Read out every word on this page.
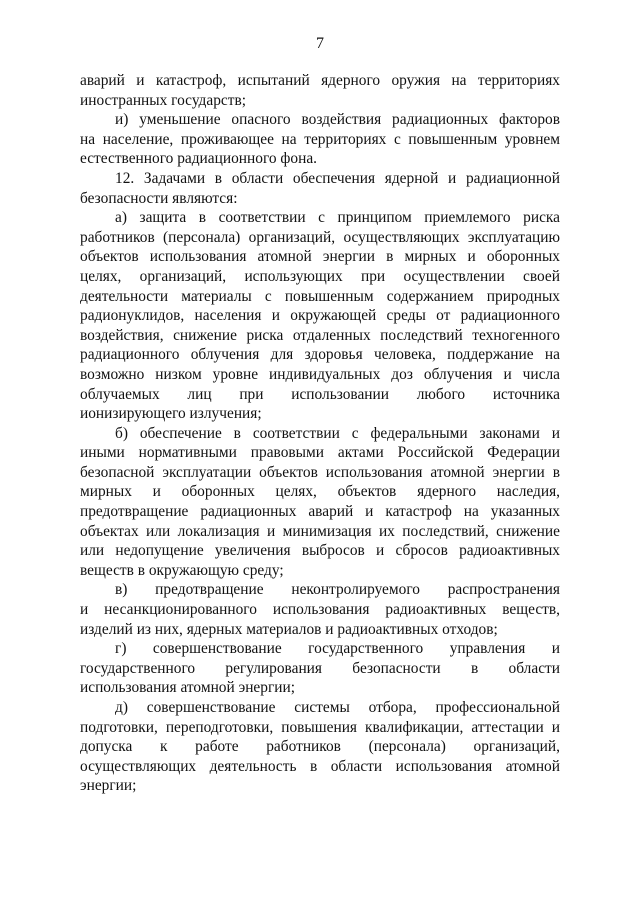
7

аварий и катастроф, испытаний ядерного оружия на территориях
иностранных государств;

и) уменьшение опасного воздействия радиационных факторов
на население, проживающее на территориях с повышенным уровнем
естественного радиационного фона.

12. Задачами в области обеспечения ядерной и радиационной
безопасности являются:

а) защита в соответствии с принципом приемлемого риска
работников (персонала) организаций, осуществляющих эксплуатацию
объектов использования атомной энергии в мирных и оборонных
целях, организаций, использующих при осуществлении своей
деятельности материалы с повышенным содержанием природных
радионуклидов, населения и окружающей среды от радиационного
воздействия, снижение риска отдаленных последствий техногенного
радиационного облучения для здоровья человека, поддержание на
возможно низком уровне индивидуальных доз облучения и числа
облучаемых лиц при использовании любого источника
ионизирующего излучения;

б) обеспечение в соответствии с федеральными законами и
иными нормативными правовыми актами Российской Федерации
безопасной эксплуатации объектов использования атомной энергии в
мирных и оборонных целях, объектов ядерного наследия,
предотвращение радиационных аварий и катастроф на указанных
объектах или локализация и минимизация их последствий, снижение
или недопущение увеличения выбросов и сбросов радиоактивных
веществ в окружающую среду;

в) предотвращение неконтролируемого распространения
и несанкционированного использования радиоактивных веществ,
изделий из них, ядерных материалов и радиоактивных отходов;

г) совершенствование государственного управления и
государственного регулирования безопасности в области
использования атомной энергии;

д) совершенствование системы отбора, профессиональной
подготовки, переподготовки, повышения квалификации, аттестации и
допуска к работе работников (персонала) организаций,
осуществляющих деятельность в области использования атомной
энергии;
